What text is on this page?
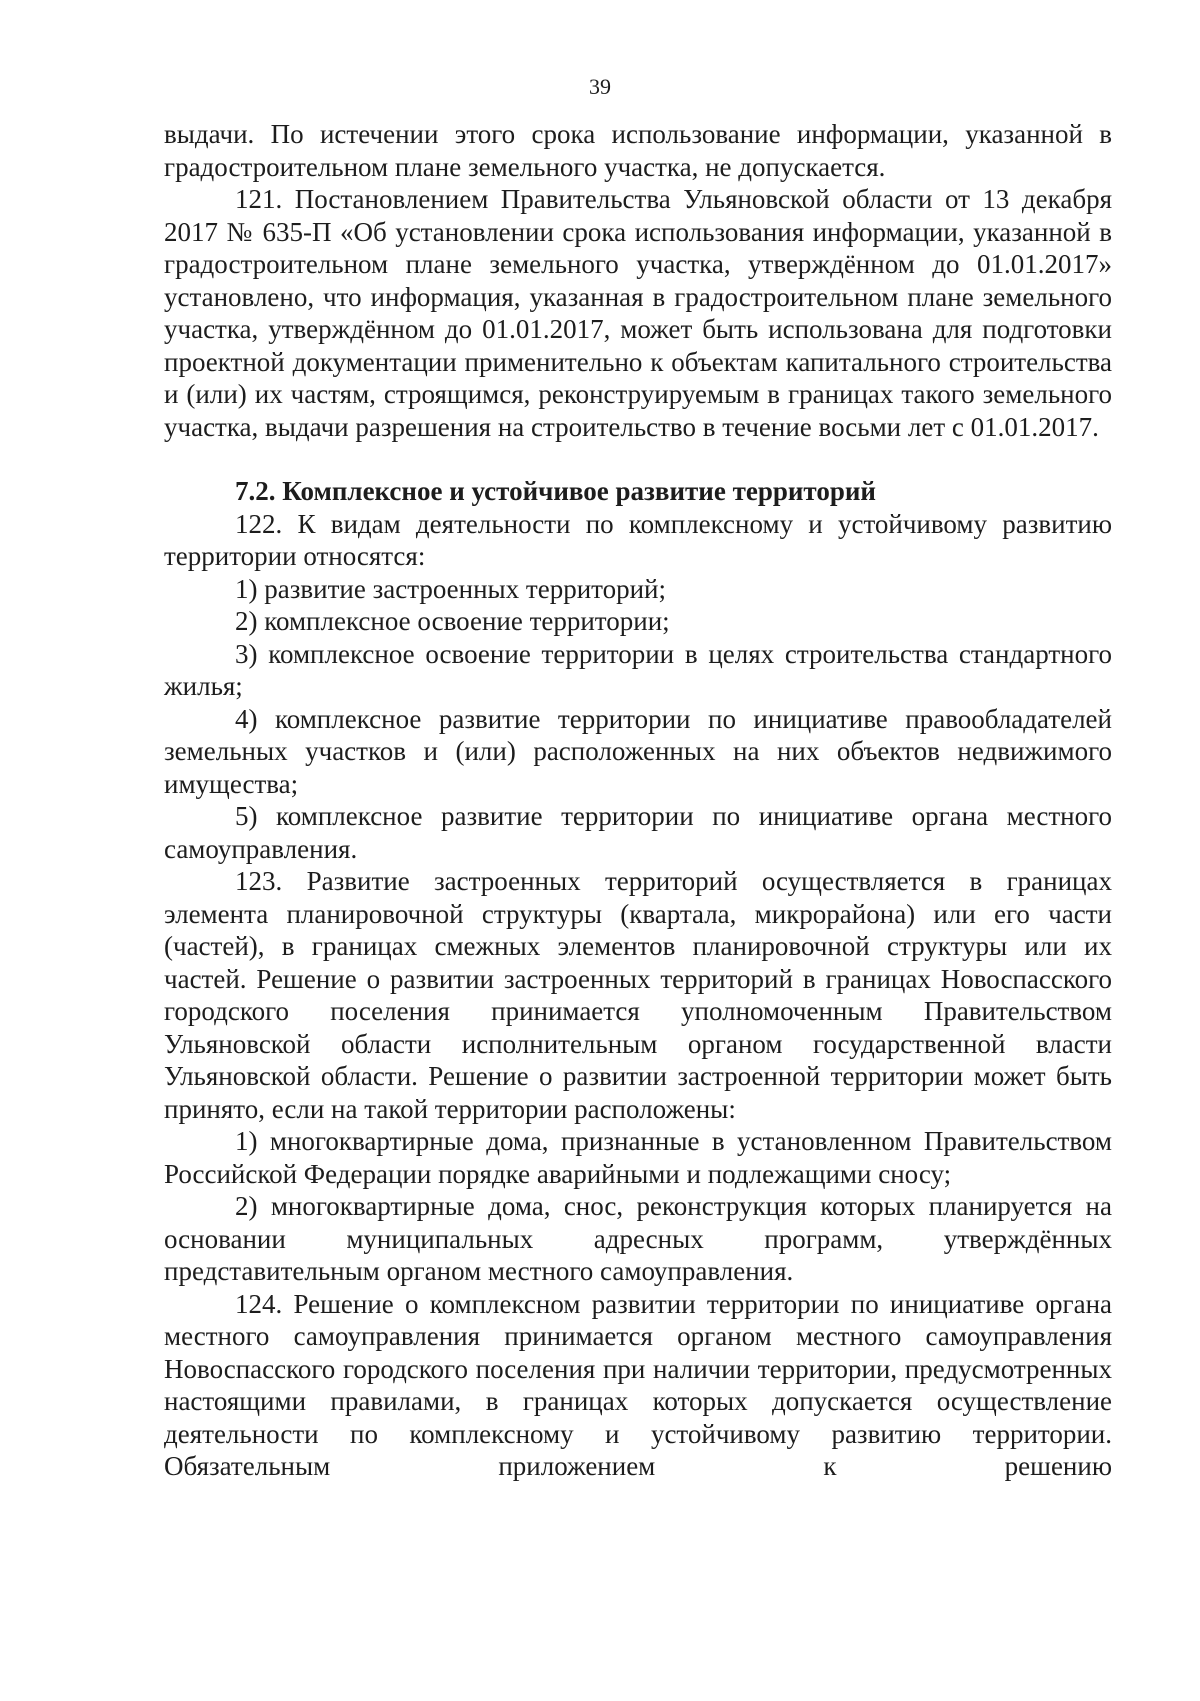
39

выдачи. По истечении этого срока использование информации, указанной в градостроительном плане земельного участка, не допускается.

121. Постановлением Правительства Ульяновской области от 13 декабря 2017 № 635-П «Об установлении срока использования информации, указанной в градостроительном плане земельного участка, утверждённом до 01.01.2017» установлено, что информация, указанная в градостроительном плане земельного участка, утверждённом до 01.01.2017, может быть использована для подготовки проектной документации применительно к объектам капитального строительства и (или) их частям, строящимся, реконструируемым в границах такого земельного участка, выдачи разрешения на строительство в течение восьми лет с 01.01.2017.

7.2. Комплексное и устойчивое развитие территорий

122. К видам деятельности по комплексному и устойчивому развитию территории относятся:

1) развитие застроенных территорий;

2) комплексное освоение территории;

3) комплексное освоение территории в целях строительства стандартного жилья;

4) комплексное развитие территории по инициативе правообладателей земельных участков и (или) расположенных на них объектов недвижимого имущества;

5) комплексное развитие территории по инициативе органа местного самоуправления.

123. Развитие застроенных территорий осуществляется в границах элемента планировочной структуры (квартала, микрорайона) или его части (частей), в границах смежных элементов планировочной структуры или их частей. Решение о развитии застроенных территорий в границах Новоспасского городского поселения принимается уполномоченным Правительством Ульяновской области исполнительным органом государственной власти Ульяновской области. Решение о развитии застроенной территории может быть принято, если на такой территории расположены:

1) многоквартирные дома, признанные в установленном Правительством Российской Федерации порядке аварийными и подлежащими сносу;

2) многоквартирные дома, снос, реконструкция которых планируется на основании муниципальных адресных программ, утверждённых представительным органом местного самоуправления.

124. Решение о комплексном развитии территории по инициативе органа местного самоуправления принимается органом местного самоуправления Новоспасского городского поселения при наличии территории, предусмотренных настоящими правилами, в границах которых допускается осуществление деятельности по комплексному и устойчивому развитию территории. Обязательным приложением к решению
